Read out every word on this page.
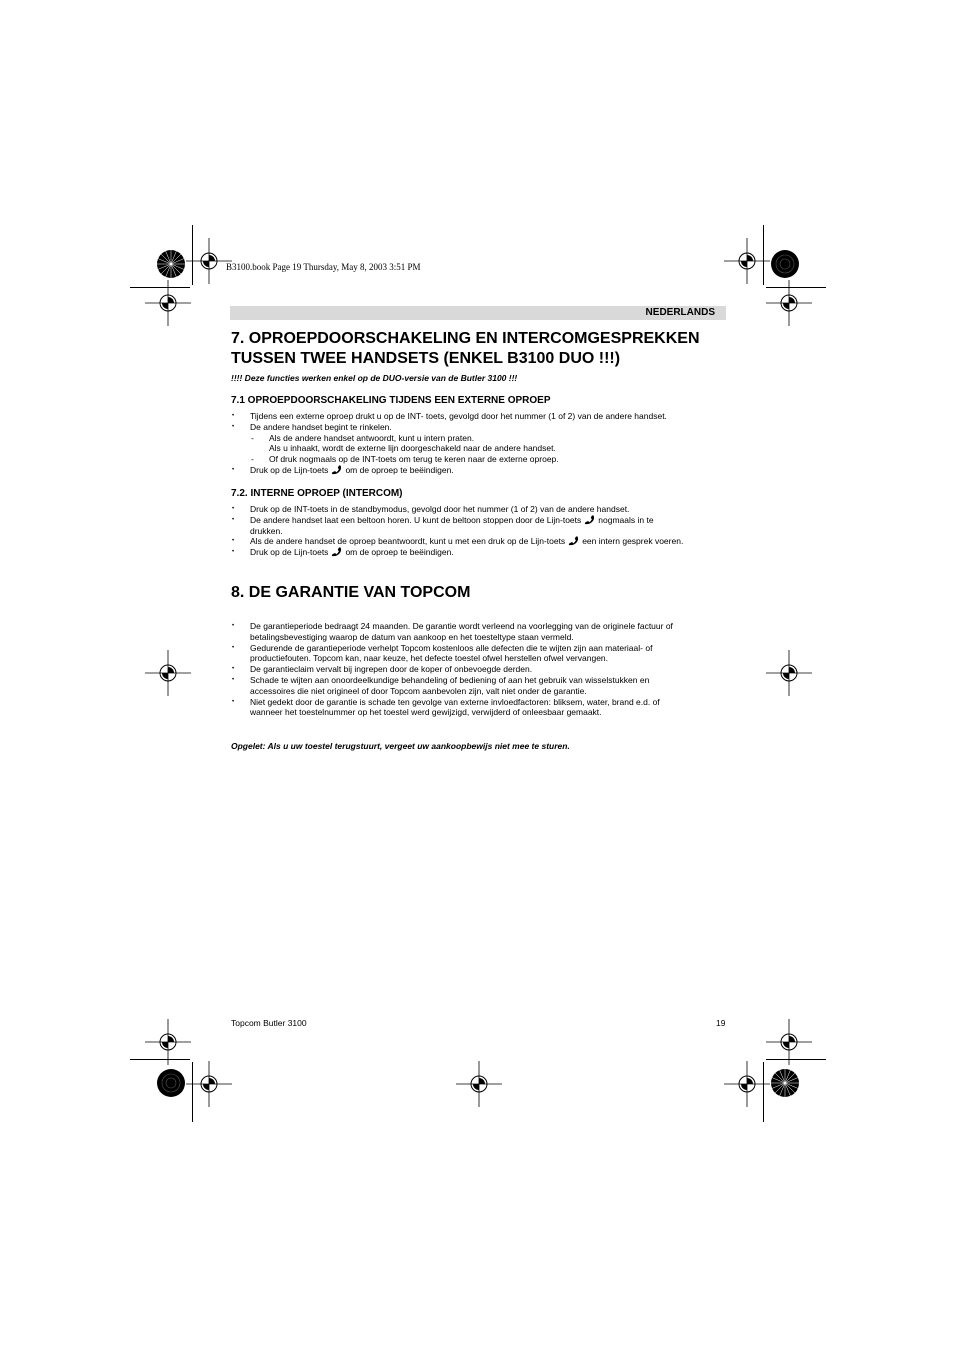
B3100.book Page 19 Thursday, May 8, 2003 3:51 PM
NEDERLANDS
7. OPROEPDOORSCHAKELING EN INTERCOMGESPREKKEN
TUSSEN TWEE HANDSETS (ENKEL B3100 DUO !!!)
!!!! Deze functies werken enkel op de DUO-versie van de Butler 3100 !!!
7.1 OPROEPDOORSCHAKELING TIJDENS EEN EXTERNE OPROEP
• Tijdens een externe oproep drukt u op de INT- toets, gevolgd door het nummer (1 of 2) van de andere handset.
• De andere handset begint te rinkelen.
- Als de andere handset antwoordt, kunt u intern praten.
Als u inhaakt, wordt de externe lijn doorgeschakeld naar de andere handset.
- Of druk nogmaals op de INT-toets om terug te keren naar de externe oproep.
• Druk op de Lijn-toets om de oproep te beëindigen.
7.2. INTERNE OPROEP (INTERCOM)
• Druk op de INT-toets in de standbymodus, gevolgd door het nummer (1 of 2) van de andere handset.
• De andere handset laat een beltoon horen. U kunt de beltoon stoppen door de Lijn-toets nogmaals in te
drukken.
• Als de andere handset de oproep beantwoordt, kunt u met een druk op de Lijn-toets een intern gesprek voeren.
• Druk op de Lijn-toets om de oproep te beëindigen.
8. DE GARANTIE VAN TOPCOM
• De garantieperiode bedraagt 24 maanden. De garantie wordt verleend na voorlegging van de originele factuur of
betalingsbevestiging waarop de datum van aankoop en het toesteltype staan vermeld.
• Gedurende de garantieperiode verhelpt Topcom kostenloos alle defecten die te wijten zijn aan materiaal- of
productiefouten. Topcom kan, naar keuze, het defecte toestel ofwel herstellen ofwel vervangen.
• De garantieclaim vervalt bij ingrepen door de koper of onbevoegde derden.
• Schade te wijten aan onoordeelkundige behandeling of bediening of aan het gebruik van wisselstukken en
accessoires die niet origineel of door Topcom aanbevolen zijn, valt niet onder de garantie.
• Niet gedekt door de garantie is schade ten gevolge van externe invloedfactoren: bliksem, water, brand e.d. of
wanneer het toestelnummer op het toestel werd gewijzigd, verwijderd of onleesbaar gemaakt.
Opgelet: Als u uw toestel terugstuurt, vergeet uw aankoopbewijs niet mee te sturen.
Topcom Butler 3100	19
